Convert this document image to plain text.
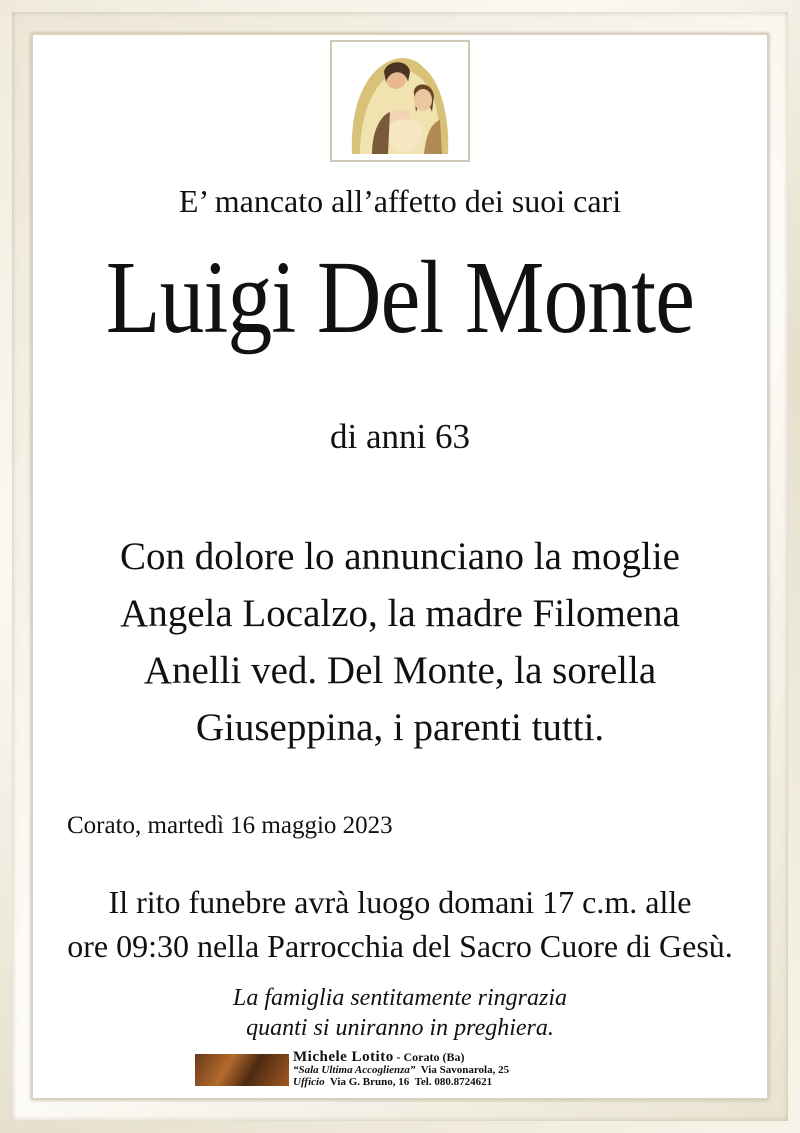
E’ mancato all’affetto dei suoi cari
Luigi Del Monte
di anni 63
Con dolore lo annunciano la moglie
Angela Localzo, la madre Filomena
Anelli ved. Del Monte, la sorella
Giuseppina, i parenti tutti.
Corato, martedì 16 maggio 2023
Il rito funebre avrà luogo domani 17 c.m. alle
ore 09:30 nella Parrocchia del Sacro Cuore di Gesù.
La famiglia sentitamente ringrazia
quanti si uniranno in preghiera.
Michele Lotito - Corato (Ba)
“Sala Ultima Accoglienza” Via Savonarola, 25
Ufficio Via G. Bruno, 16 Tel. 080.8724621
